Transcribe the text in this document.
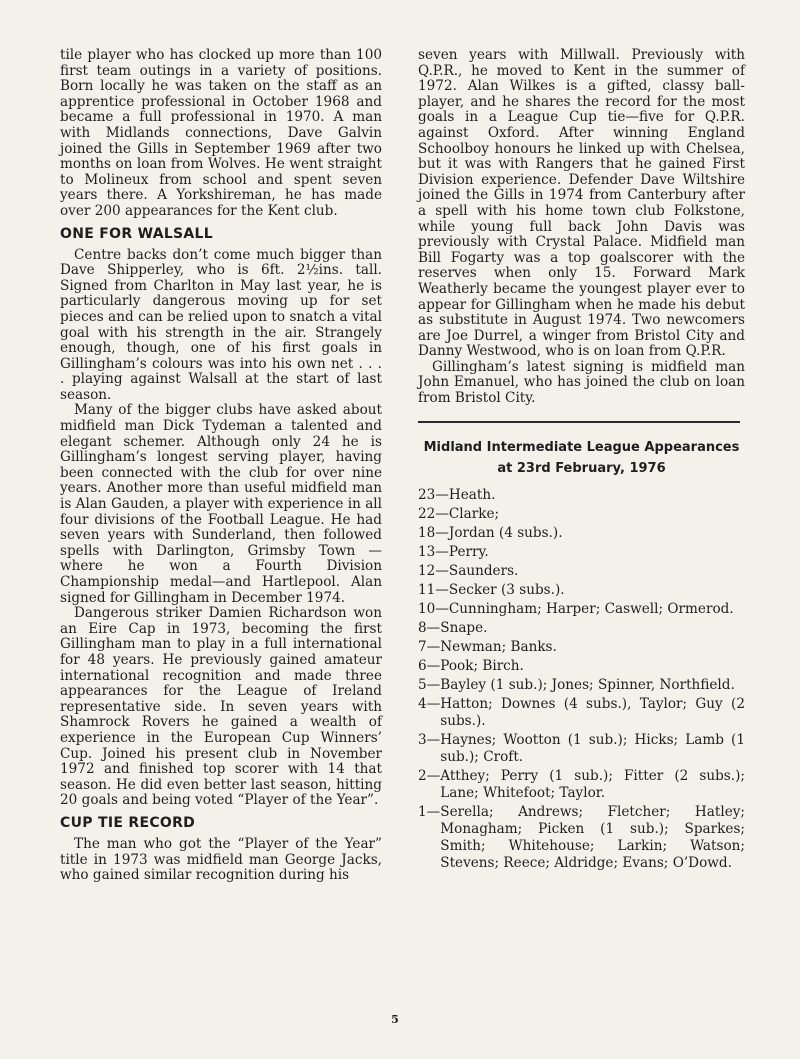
tile player who has clocked up more than 100 first team outings in a variety of positions. Born locally he was taken on the staff as an apprentice professional in October 1968 and became a full professional in 1970. A man with Midlands connections, Dave Galvin joined the Gills in September 1969 after two months on loan from Wolves. He went straight to Molineux from school and spent seven years there. A Yorkshireman, he has made over 200 appearances for the Kent club.

ONE FOR WALSALL

Centre backs don’t come much bigger than Dave Shipperley, who is 6ft. 2½ins. tall. Signed from Charlton in May last year, he is particularly dangerous moving up for set pieces and can be relied upon to snatch a vital goal with his strength in the air. Strangely enough, though, one of his first goals in Gillingham’s colours was into his own net . . . . playing against Walsall at the start of last season.

Many of the bigger clubs have asked about midfield man Dick Tydeman a talented and elegant schemer. Although only 24 he is Gillingham’s longest serving player, having been connected with the club for over nine years. Another more than useful midfield man is Alan Gauden, a player with experience in all four divisions of the Football League. He had seven years with Sunderland, then followed spells with Darlington, Grimsby Town — where he won a Fourth Division Championship medal—and Hartlepool. Alan signed for Gillingham in December 1974.

Dangerous striker Damien Richardson won an Eire Cap in 1973, becoming the first Gillingham man to play in a full international for 48 years. He previously gained amateur international recognition and made three appearances for the League of Ireland representative side. In seven years with Shamrock Rovers he gained a wealth of experience in the European Cup Winners’ Cup. Joined his present club in November 1972 and finished top scorer with 14 that season. He did even better last season, hitting 20 goals and being voted “Player of the Year”.

CUP TIE RECORD

The man who got the “Player of the Year” title in 1973 was midfield man George Jacks, who gained similar recognition during his

seven years with Millwall. Previously with Q.P.R., he moved to Kent in the summer of 1972. Alan Wilkes is a gifted, classy ball-player, and he shares the record for the most goals in a League Cup tie—five for Q.P.R. against Oxford. After winning England Schoolboy honours he linked up with Chelsea, but it was with Rangers that he gained First Division experience. Defender Dave Wiltshire joined the Gills in 1974 from Canterbury after a spell with his home town club Folkstone, while young full back John Davis was previously with Crystal Palace. Midfield man Bill Fogarty was a top goalscorer with the reserves when only 15. Forward Mark Weatherly became the youngest player ever to appear for Gillingham when he made his debut as substitute in August 1974. Two newcomers are Joe Durrel, a winger from Bristol City and Danny Westwood, who is on loan from Q.P.R.

Gillingham’s latest signing is midfield man John Emanuel, who has joined the club on loan from Bristol City.

Midland Intermediate League Appearances
at 23rd February, 1976
23— Heath.
22— Clarke;
18— Jordan (4 subs.).
13— Perry.
12— Saunders.
11— Secker (3 subs.).
10— Cunningham; Harper; Caswell; Ormerod.
8— Snape.
7— Newman; Banks.
6— Pook; Birch.
5— Bayley (1 sub.); Jones; Spinner, Northfield.
4— Hatton; Downes (4 subs.), Taylor; Guy (2 subs.).
3— Haynes; Wootton (1 sub.); Hicks; Lamb (1 sub.); Croft.
2— Atthey; Perry (1 sub.); Fitter (2 subs.); Lane; Whitefoot; Taylor.
1— Serella; Andrews; Fletcher; Hatley; Monagham; Picken (1 sub.); Sparkes; Smith; Whitehouse; Larkin; Watson; Stevens; Reece; Aldridge; Evans; O’Dowd.
5
